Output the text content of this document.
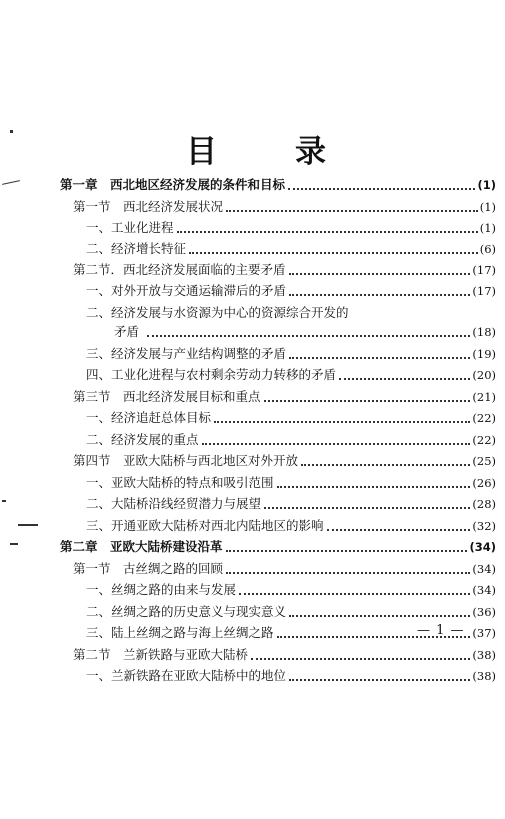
目	录
第一章　西北地区经济发展的条件和目标	(1)
第一节　西北经济发展状况	(1)
一、工业化进程	(1)
二、经济增长特征	(6)
第二节．西北经济发展面临的主要矛盾	(17)
一、对外开放与交通运输滞后的矛盾	(17)
二、经济发展与水资源为中心的资源综合开发的
矛盾	(18)
三、经济发展与产业结构调整的矛盾	(19)
四、工业化进程与农村剩余劳动力转移的矛盾	(20)
第三节　西北经济发展目标和重点	(21)
一、经济追赶总体目标	(22)
二、经济发展的重点	(22)
第四节　亚欧大陆桥与西北地区对外开放	(25)
一、亚欧大陆桥的特点和吸引范围	(26)
二、大陆桥沿线经贸潜力与展望	(28)
三、开通亚欧大陆桥对西北内陆地区的影响	(32)
第二章　亚欧大陆桥建设沿革	(34)
第一节　古丝绸之路的回顾	(34)
一、丝绸之路的由来与发展	(34)
二、丝绸之路的历史意义与现实意义	(36)
三、陆上丝绸之路与海上丝绸之路	(37)
第二节　兰新铁路与亚欧大陆桥	(38)
一、兰新铁路在亚欧大陆桥中的地位	(38)
— 1 —
